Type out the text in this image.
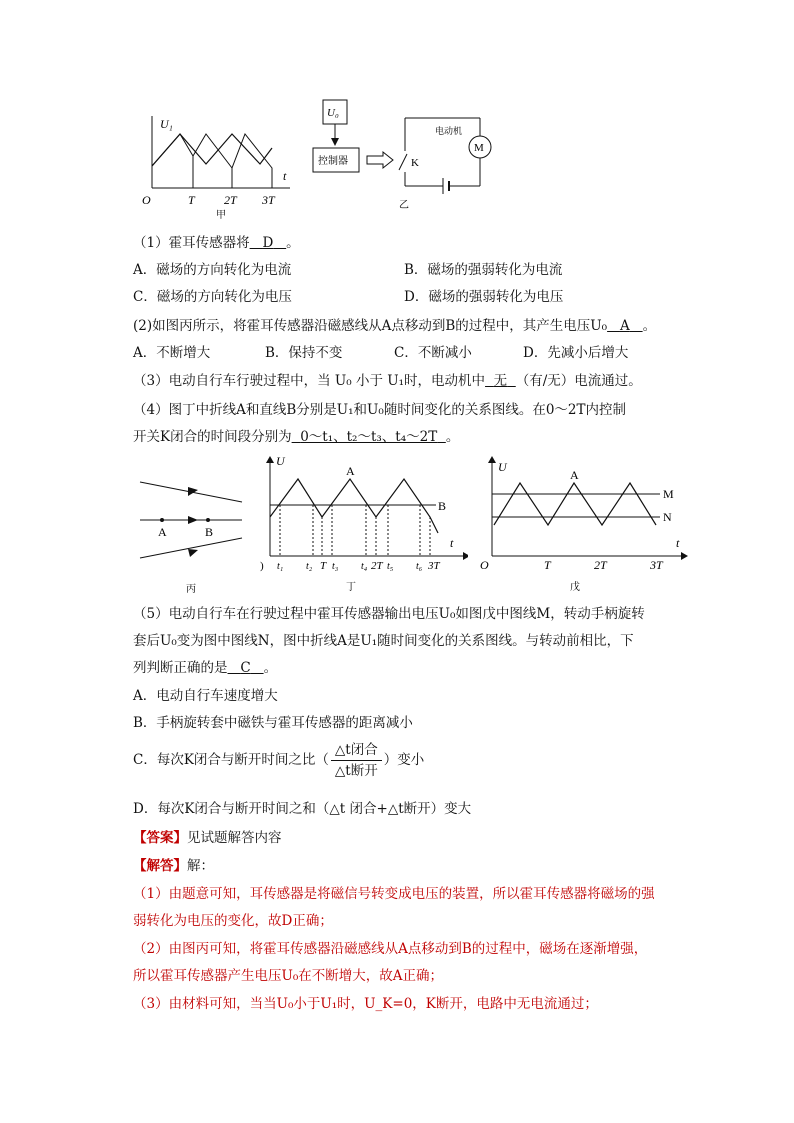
U₁
t
O	T 2T 3T
甲
U₀
控制器
M
电动机
K
乙
（1）霍耳传感器将 D 。
A．磁场的方向转化为电流	B．磁场的强弱转化为电流
C．磁场的方向转化为电压	D．磁场的强弱转化为电压
(2)如图丙所示，将霍耳传感器沿磁感线从A点移动到B的过程中，其产生电压U₀ A 。
A．不断增大	B．保持不变	C．不断减小	D．先减小后增大
（3）电动自行车行驶过程中，当 U₀ 小于 U₁时，电动机中 无 （有/无）电流通过。
（4）图丁中折线A和直线B分别是U₁和U₀随时间变化的关系图线。在0～2T内控制
开关K闭合的时间段分别为 0～t₁、t₂～t₃、t₄～2T 。
A	B
丙
U
t
A
B
) t₁ t₂ T t₃ t₄ 2T t₅ t₆ 3T
丁
U
t
A
M
N
O	T	2T	3T
戊
（5）电动自行车在行驶过程中霍耳传感器输出电压U₀如图戊中图线M，转动手柄旋转
套后U₀变为图中图线N，图中折线A是U₁随时间变化的关系图线。与转动前相比，下
列判断正确的是 C 。
A．电动自行车速度增大
B．手柄旋转套中磁铁与霍耳传感器的距离减小
C．每次K闭合与断开时间之比（ $\frac{\text{△t闭合}}{\text{△t断开}}$ ）变小
D．每次K闭合与断开时间之和（△t 闭合+△t断开）变大
【答案】见试题解答内容
【解答】解：
（1）由题意可知，耳传感器是将磁信号转变成电压的装置，所以霍耳传感器将磁场的强
弱转化为电压的变化，故D正确；
（2）由图丙可知，将霍耳传感器沿磁感线从A点移动到B的过程中，磁场在逐渐增强，
所以霍耳传感器产生电压U₀在不断增大，故A正确；
（3）由材料可知，当当U₀小于U₁时，U_K=0，K断开，电路中无电流通过；
